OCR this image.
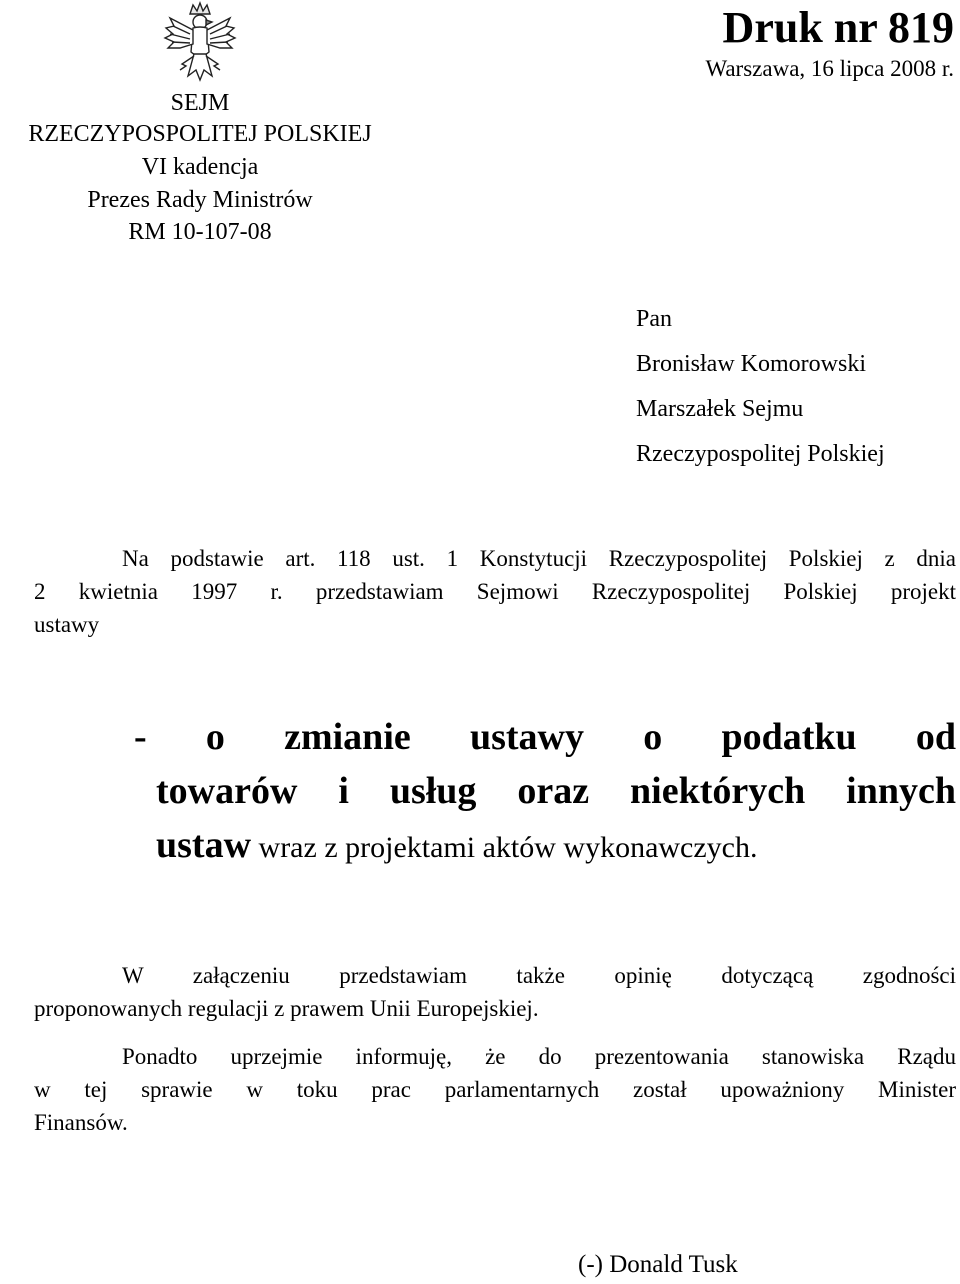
SEJM
RZECZYPOSPOLITEJ POLSKIEJ
VI kadencja
Prezes Rady Ministrów
RM 10-107-08
Druk nr 819
Warszawa, 16 lipca 2008 r.
Pan
Bronisław Komorowski
Marszałek Sejmu
Rzeczypospolitej Polskiej
Na podstawie art. 118 ust. 1 Konstytucji Rzeczypospolitej Polskiej z dnia
2 kwietnia 1997 r. przedstawiam Sejmowi Rzeczypospolitej Polskiej projekt
ustawy
- o zmianie ustawy o podatku od
towarów i usług oraz niektórych innych
ustaw wraz z projektami aktów wykonawczych.
W załączeniu przedstawiam także opinię dotyczącą zgodności
proponowanych regulacji z prawem Unii Europejskiej.
Ponadto uprzejmie informuję, że do prezentowania stanowiska Rządu
w tej sprawie w toku prac parlamentarnych został upoważniony Minister
Finansów.
(-) Donald Tusk
